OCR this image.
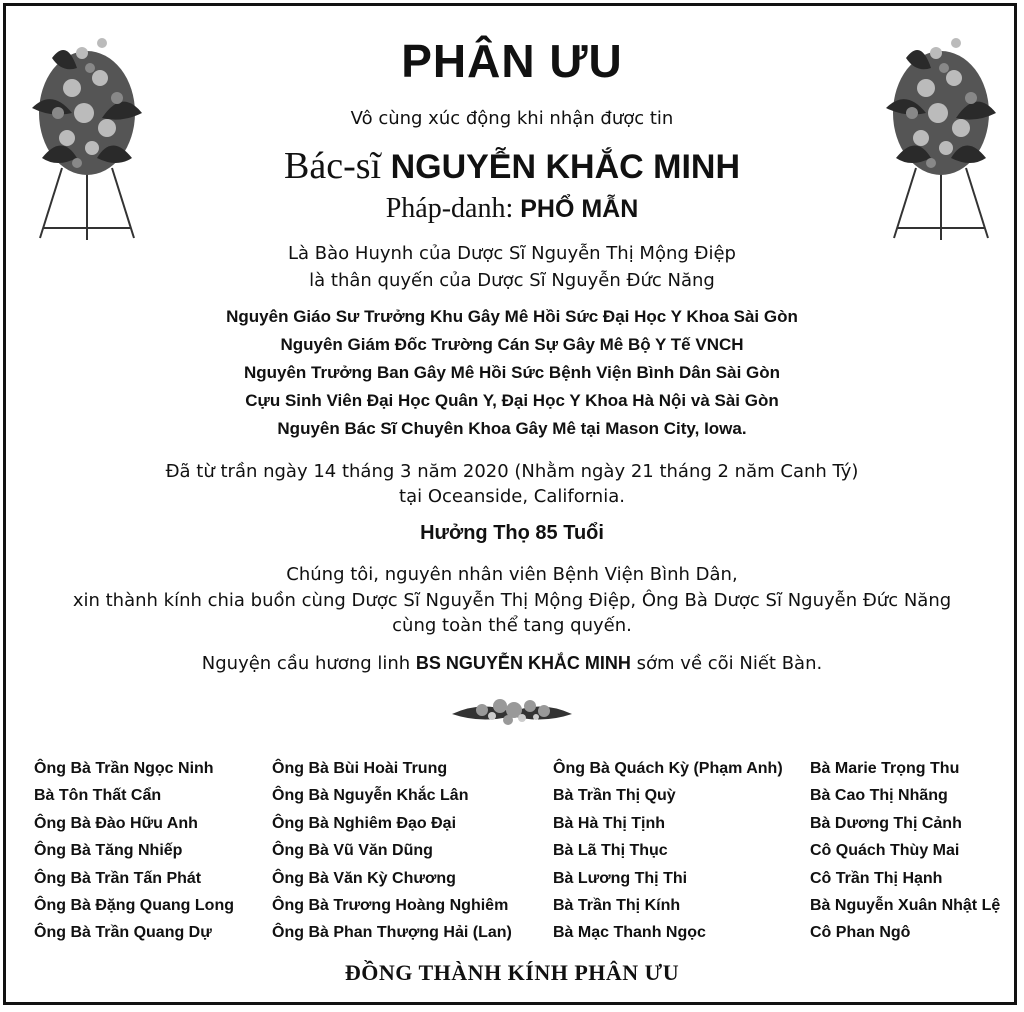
PHÂN ƯU
Vô cùng xúc động khi nhận được tin
Bác-sĩ NGUYỄN KHẮC MINH
Pháp-danh: PHỔ MẪN
Là Bào Huynh của Dược Sĩ Nguyễn Thị Mộng Điệp
là thân quyến của Dược Sĩ Nguyễn Đức Năng
Nguyên Giáo Sư Trưởng Khu Gây Mê Hồi Sức Đại Học Y Khoa Sài Gòn
Nguyên Giám Đốc Trường Cán Sự Gây Mê Bộ Y Tế VNCH
Nguyên Trưởng Ban Gây Mê Hồi Sức Bệnh Viện Bình Dân Sài Gòn
Cựu Sinh Viên Đại Học Quân Y, Đại Học Y Khoa Hà Nội và Sài Gòn
Nguyên Bác Sĩ Chuyên Khoa Gây Mê tại Mason City, Iowa.
Đã từ trần ngày 14 tháng 3 năm 2020 (Nhằm ngày 21 tháng 2 năm Canh Tý)
tại Oceanside, California.
Hưởng Thọ 85 Tuổi
Chúng tôi, nguyên nhân viên Bệnh Viện Bình Dân,
xin thành kính chia buồn cùng Dược Sĩ Nguyễn Thị Mộng Điệp, Ông Bà Dược Sĩ Nguyễn Đức Năng
cùng toàn thể tang quyến.
Nguyện cầu hương linh BS NGUYỄN KHẮC MINH sớm về cõi Niết Bàn.
Ông Bà Trần Ngọc Ninh
Bà Tôn Thất Cẩn
Ông Bà Đào Hữu Anh
Ông Bà Tăng Nhiếp
Ông Bà Trần Tấn Phát
Ông Bà Đặng Quang Long
Ông Bà Trần Quang Dự
Ông Bà Bùi Hoài Trung
Ông Bà Nguyễn Khắc Lân
Ông Bà Nghiêm Đạo Đại
Ông Bà Vũ Văn Dũng
Ông Bà Văn Kỳ Chương
Ông Bà Trương Hoàng Nghiêm
Ông Bà Phan Thượng Hải (Lan)
Ông Bà Quách Kỳ (Phạm Anh)
Bà Trần Thị Quỳ
Bà Hà Thị Tịnh
Bà Lã Thị Thục
Bà Lương Thị Thi
Bà Trần Thị Kính
Bà Mạc Thanh Ngọc
Bà Marie Trọng Thu
Bà Cao Thị Nhãng
Bà Dương Thị Cảnh
Cô Quách Thùy Mai
Cô Trần Thị Hạnh
Bà Nguyễn Xuân Nhật Lệ
Cô Phan Ngô
ĐỒNG THÀNH KÍNH PHÂN ƯU
